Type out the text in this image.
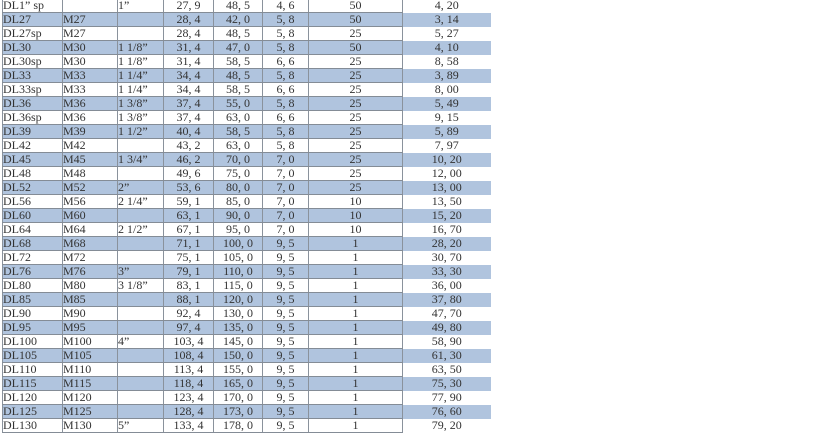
DL1” sp		1”	27, 9	48, 5	4, 6	50	4, 20
DL27	M27		28, 4	42, 0	5, 8	50	3, 14
DL27sp	M27		28, 4	48, 5	5, 8	25	5, 27
DL30	M30	1 1/8”	31, 4	47, 0	5, 8	50	4, 10
DL30sp	M30	1 1/8”	31, 4	58, 5	6, 6	25	8, 58
DL33	M33	1 1/4”	34, 4	48, 5	5, 8	25	3, 89
DL33sp	M33	1 1/4”	34, 4	58, 5	6, 6	25	8, 00
DL36	M36	1 3/8”	37, 4	55, 0	5, 8	25	5, 49
DL36sp	M36	1 3/8”	37, 4	63, 0	6, 6	25	9, 15
DL39	M39	1 1/2”	40, 4	58, 5	5, 8	25	5, 89
DL42	M42		43, 2	63, 0	5, 8	25	7, 97
DL45	M45	1 3/4”	46, 2	70, 0	7, 0	25	10, 20
DL48	M48		49, 6	75, 0	7, 0	25	12, 00
DL52	M52	2”	53, 6	80, 0	7, 0	25	13, 00
DL56	M56	2 1/4”	59, 1	85, 0	7, 0	10	13, 50
DL60	M60		63, 1	90, 0	7, 0	10	15, 20
DL64	M64	2 1/2”	67, 1	95, 0	7, 0	10	16, 70
DL68	M68		71, 1	100, 0	9, 5	1	28, 20
DL72	M72		75, 1	105, 0	9, 5	1	30, 70
DL76	M76	3”	79, 1	110, 0	9, 5	1	33, 30
DL80	M80	3 1/8”	83, 1	115, 0	9, 5	1	36, 00
DL85	M85		88, 1	120, 0	9, 5	1	37, 80
DL90	M90		92, 4	130, 0	9, 5	1	47, 70
DL95	M95		97, 4	135, 0	9, 5	1	49, 80
DL100	M100	4”	103, 4	145, 0	9, 5	1	58, 90
DL105	M105		108, 4	150, 0	9, 5	1	61, 30
DL110	M110		113, 4	155, 0	9, 5	1	63, 50
DL115	M115		118, 4	165, 0	9, 5	1	75, 30
DL120	M120		123, 4	170, 0	9, 5	1	77, 90
DL125	M125		128, 4	173, 0	9, 5	1	76, 60
DL130	M130	5”	133, 4	178, 0	9, 5	1	79, 20
